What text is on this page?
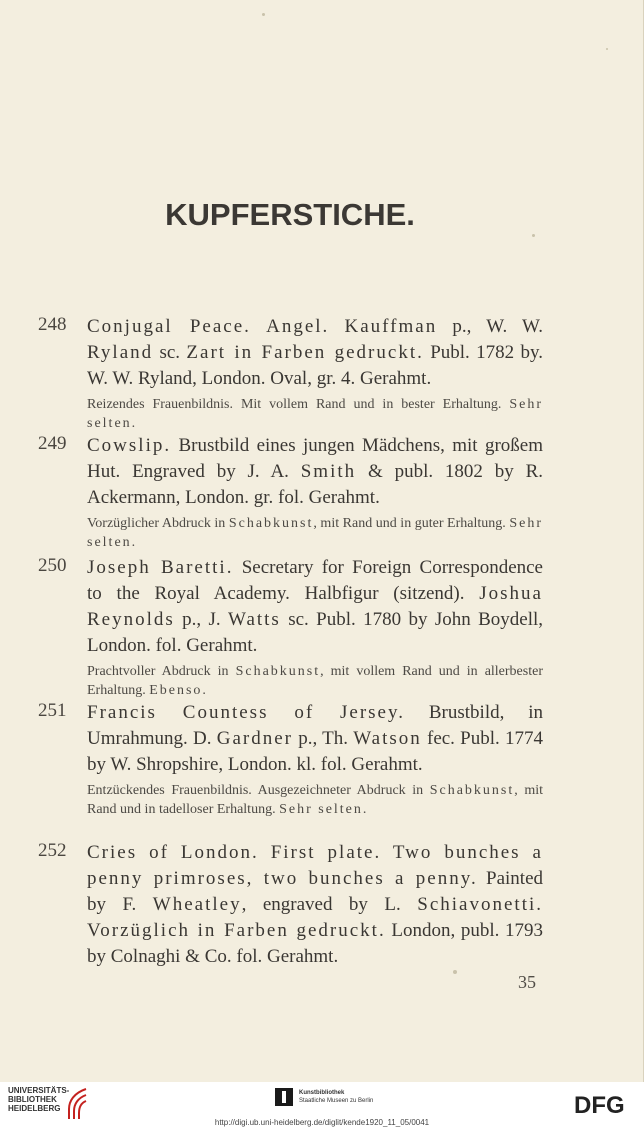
KUPFERSTICHE.
248	Conjugal Peace. Angel. Kauffman p., W. W. Ryland sc. Zart in Farben gedruckt. Publ. 1782 by. W. W. Ryland, London. Oval, gr. 4. Gerahmt.
Reizendes Frauenbildnis. Mit vollem Rand und in bester Erhaltung. Sehr selten.
249	Cowslip. Brustbild eines jungen Mädchens, mit großem Hut. Engraved by J. A. Smith & publ. 1802 by R. Ackermann, London. gr. fol. Gerahmt.
Vorzüglicher Abdruck in Schabkunst, mit Rand und in guter Erhaltung. Sehr selten.
250	Joseph Baretti. Secretary for Foreign Correspondence to the Royal Academy. Halbfigur (sitzend). Joshua Reynolds p., J. Watts sc. Publ. 1780 by John Boydell, London. fol. Gerahmt.
Prachtvoller Abdruck in Schabkunst, mit vollem Rand und in allerbester Erhaltung. Ebenso.
251	Francis Countess of Jersey. Brustbild, in Umrahmung. D. Gardner p., Th. Watson fec. Publ. 1774 by W. Shropshire, London. kl. fol. Gerahmt.
Entzückendes Frauenbildnis. Ausgezeichneter Abdruck in Schabkunst, mit Rand und in tadelloser Erhaltung. Sehr selten.
252	Cries of London. First plate. Two bunches a penny primroses, two bunches a penny. Painted by F. Wheatley, engraved by L. Schiavonetti. Vorzüglich in Farben gedruckt. London, publ. 1793 by Colnaghi & Co. fol. Gerahmt.
35
UNIVERSITÄTS-
BIBLIOTHEK
HEIDELBERG
Kunstbibliothek
Staatliche Museen zu Berlin	DFG
http://digi.ub.uni-heidelberg.de/diglit/kende1920_11_05/0041
